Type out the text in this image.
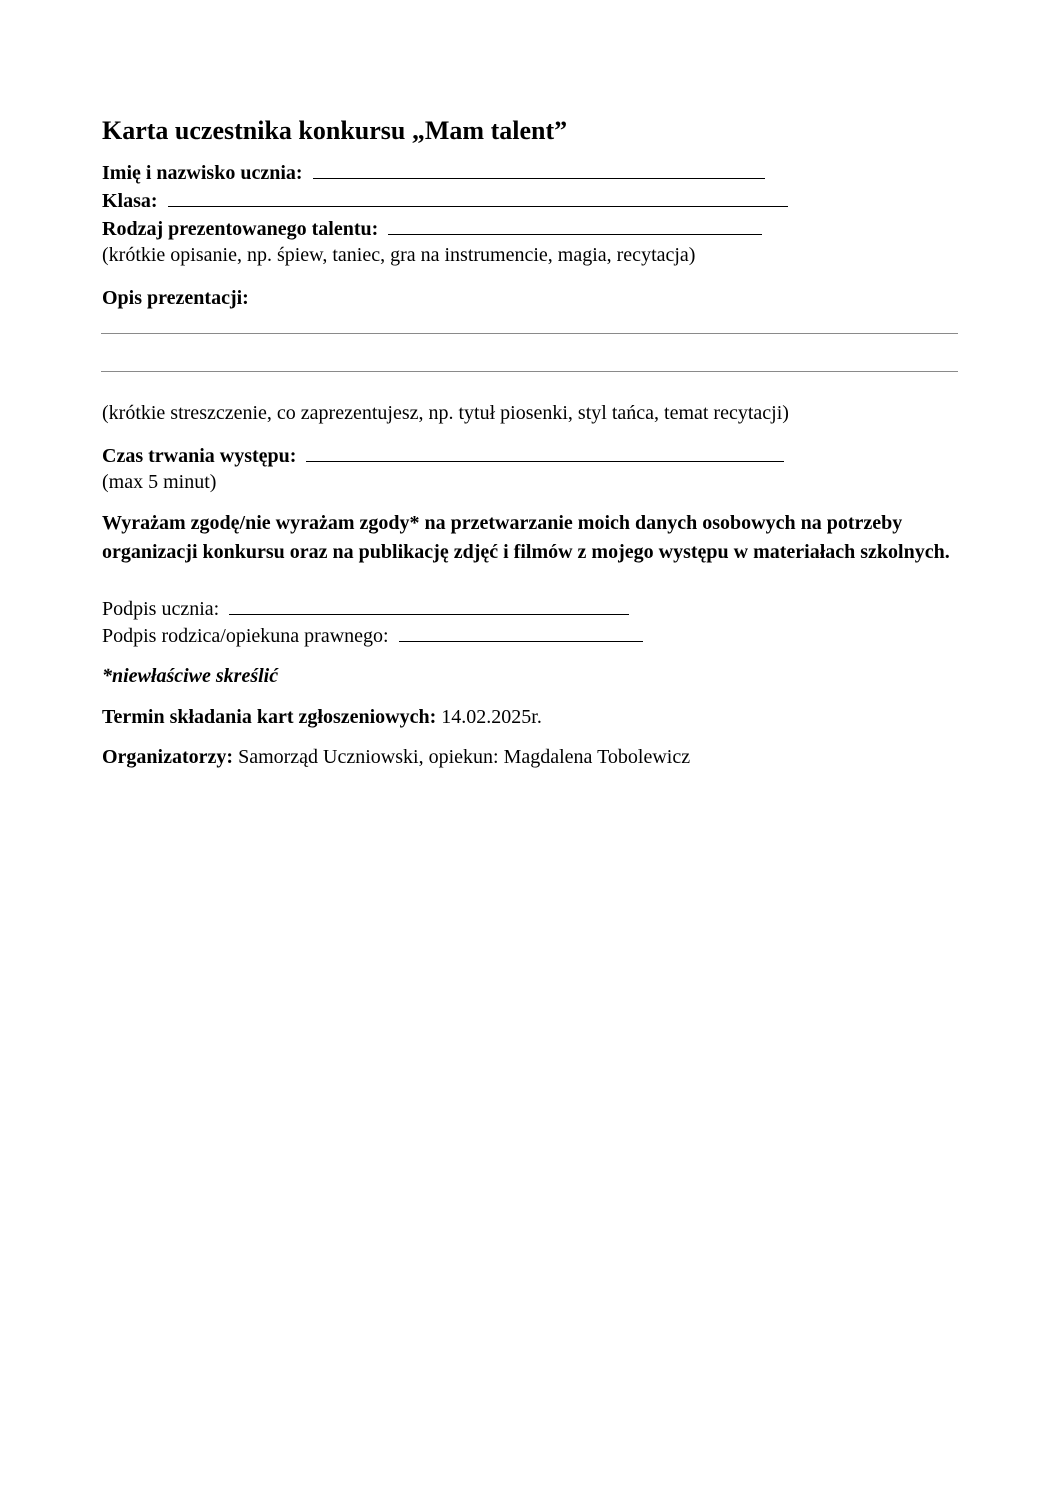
Karta uczestnika konkursu „Mam talent”
Imię i nazwisko ucznia:
Klasa:
Rodzaj prezentowanego talentu:
(krótkie opisanie, np. śpiew, taniec, gra na instrumencie, magia, recytacja)
Opis prezentacji:
(krótkie streszczenie, co zaprezentujesz, np. tytuł piosenki, styl tańca, temat recytacji)
Czas trwania występu:
(max 5 minut)
Wyrażam zgodę/nie wyrażam zgody* na przetwarzanie moich danych osobowych na potrzeby organizacji konkursu oraz na publikację zdjęć i filmów z mojego występu w materiałach szkolnych.
Podpis ucznia:
Podpis rodzica/opiekuna prawnego:
*niewłaściwe skreślić
Termin składania kart zgłoszeniowych: 14.02.2025r.
Organizatorzy: Samorząd Uczniowski, opiekun: Magdalena Tobolewicz
